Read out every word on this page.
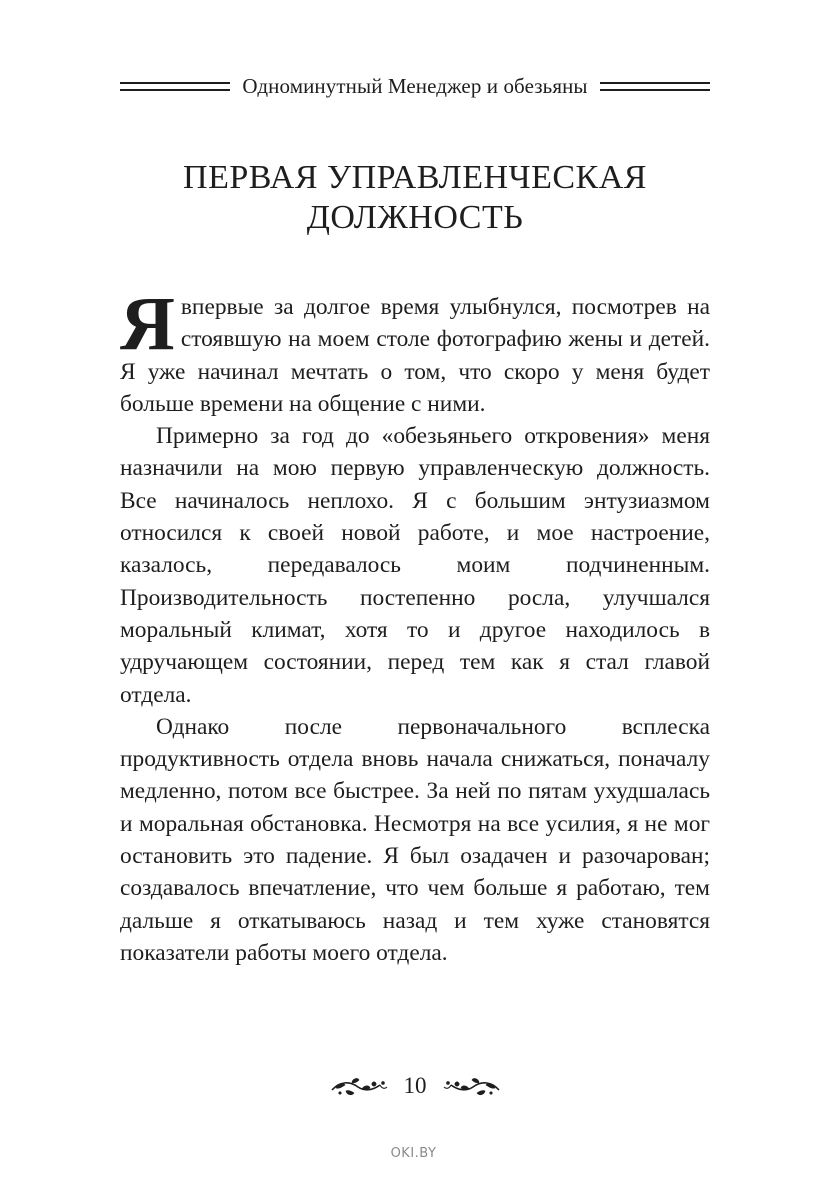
Одноминутный Менеджер и обезьяны
ПЕРВАЯ УПРАВЛЕНЧЕСКАЯ
ДОЛЖНОСТЬ

Я впервые за долгое время улыбнулся, посмотрев на стоявшую на моем столе фотографию жены и детей. Я уже начинал мечтать о том, что скоро у меня будет больше времени на общение с ними.

Примерно за год до «обезьяньего откровения» меня назначили на мою первую управленческую должность. Все начиналось неплохо. Я с большим энтузиазмом относился к своей новой работе, и мое настроение, казалось, передавалось моим подчиненным. Производительность постепенно росла, улучшался моральный климат, хотя то и другое находилось в удручающем состоянии, перед тем как я стал главой отдела.

Однако после первоначального всплеска продуктивность отдела вновь начала снижаться, поначалу медленно, потом все быстрее. За ней по пятам ухудшалась и моральная обстановка. Несмотря на все усилия, я не мог остановить это падение. Я был озадачен и разочарован; создавалось впечатление, что чем больше я работаю, тем дальше я откатываюсь назад и тем хуже становятся показатели работы моего отдела.

10
OKI.BY
